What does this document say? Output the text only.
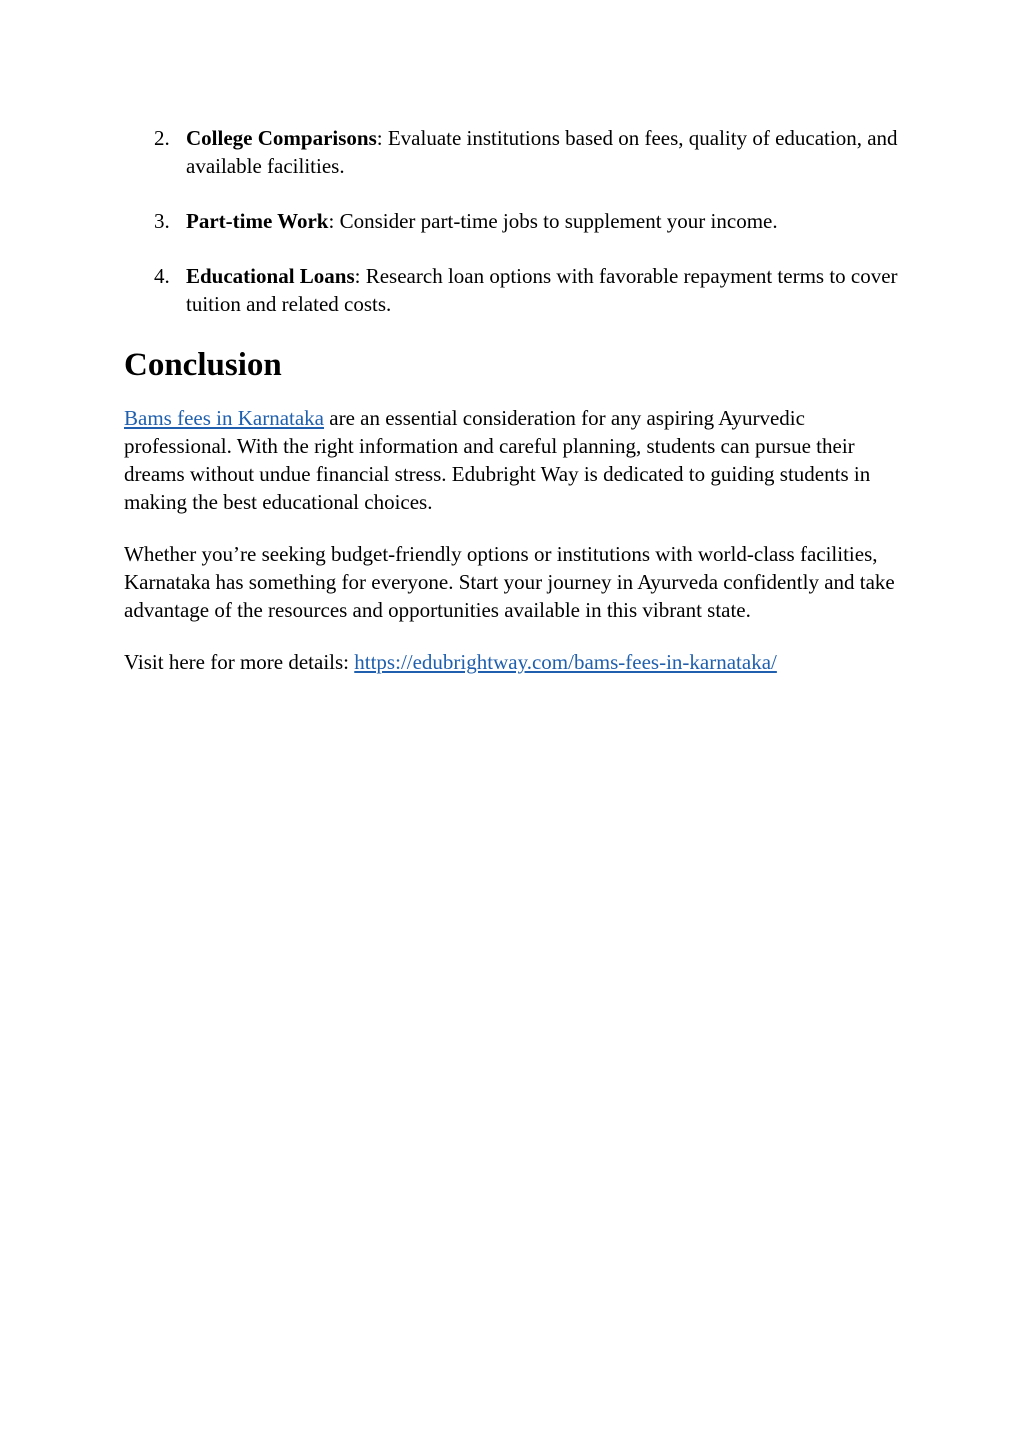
2. College Comparisons: Evaluate institutions based on fees, quality of education, and available facilities.
3. Part-time Work: Consider part-time jobs to supplement your income.
4. Educational Loans: Research loan options with favorable repayment terms to cover tuition and related costs.
Conclusion

Bams fees in Karnataka are an essential consideration for any aspiring Ayurvedic professional. With the right information and careful planning, students can pursue their dreams without undue financial stress. Edubright Way is dedicated to guiding students in making the best educational choices.

Whether you’re seeking budget-friendly options or institutions with world-class facilities, Karnataka has something for everyone. Start your journey in Ayurveda confidently and take advantage of the resources and opportunities available in this vibrant state.

Visit here for more details: https://edubrightway.com/bams-fees-in-karnataka/
